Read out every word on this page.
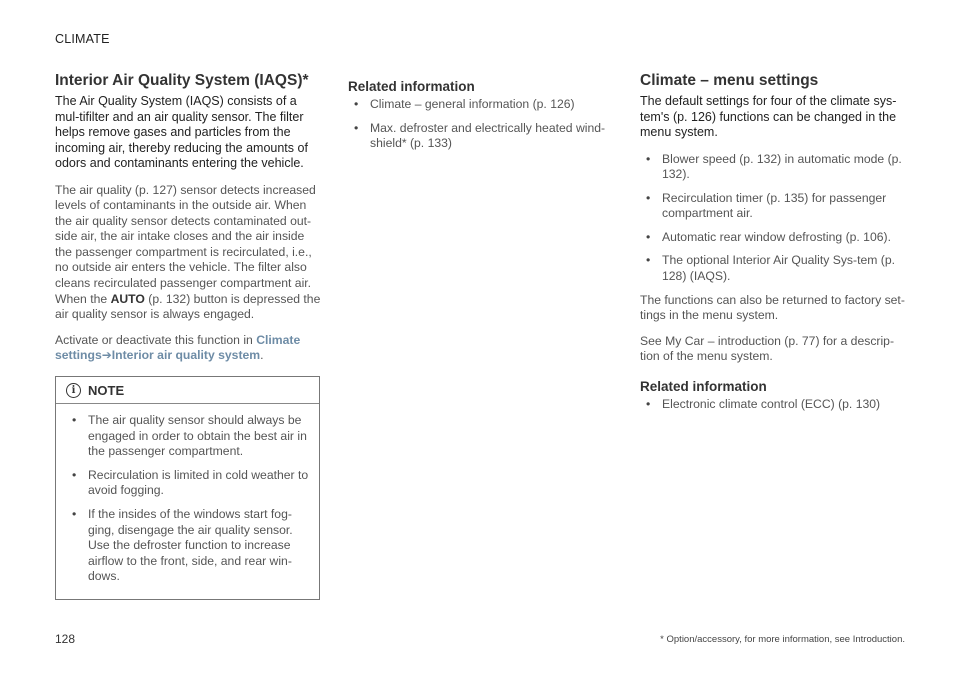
CLIMATE
Interior Air Quality System (IAQS)*

The Air Quality System (IAQS) consists of a mul-tifilter and an air quality sensor. The filter helps remove gases and particles from the incoming air, thereby reducing the amounts of odors and contaminants entering the vehicle.

The air quality (p. 127) sensor detects increased levels of contaminants in the outside air. When the air quality sensor detects contaminated out-side air, the air intake closes and the air inside the passenger compartment is recirculated, i.e., no outside air enters the vehicle. The filter also cleans recirculated passenger compartment air. When the AUTO (p. 132) button is depressed the air quality sensor is always engaged.

Activate or deactivate this function in Climate settings➔Interior air quality system.

i NOTE
• The air quality sensor should always be engaged in order to obtain the best air in the passenger compartment.
• Recirculation is limited in cold weather to avoid fogging.
• If the insides of the windows start fog-ging, disengage the air quality sensor. Use the defroster function to increase airflow to the front, side, and rear win-dows.
Related information
• Climate – general information (p. 126)
• Max. defroster and electrically heated wind-shield* (p. 133)
Climate – menu settings

The default settings for four of the climate sys-tem's (p. 126) functions can be changed in the menu system.

• Blower speed (p. 132) in automatic mode (p. 132).
• Recirculation timer (p. 135) for passenger compartment air.
• Automatic rear window defrosting (p. 106).
• The optional Interior Air Quality Sys-tem (p. 128) (IAQS).

The functions can also be returned to factory set-tings in the menu system.

See My Car – introduction (p. 77) for a descrip-tion of the menu system.

Related information
• Electronic climate control (ECC) (p. 130)
128	* Option/accessory, for more information, see Introduction.
